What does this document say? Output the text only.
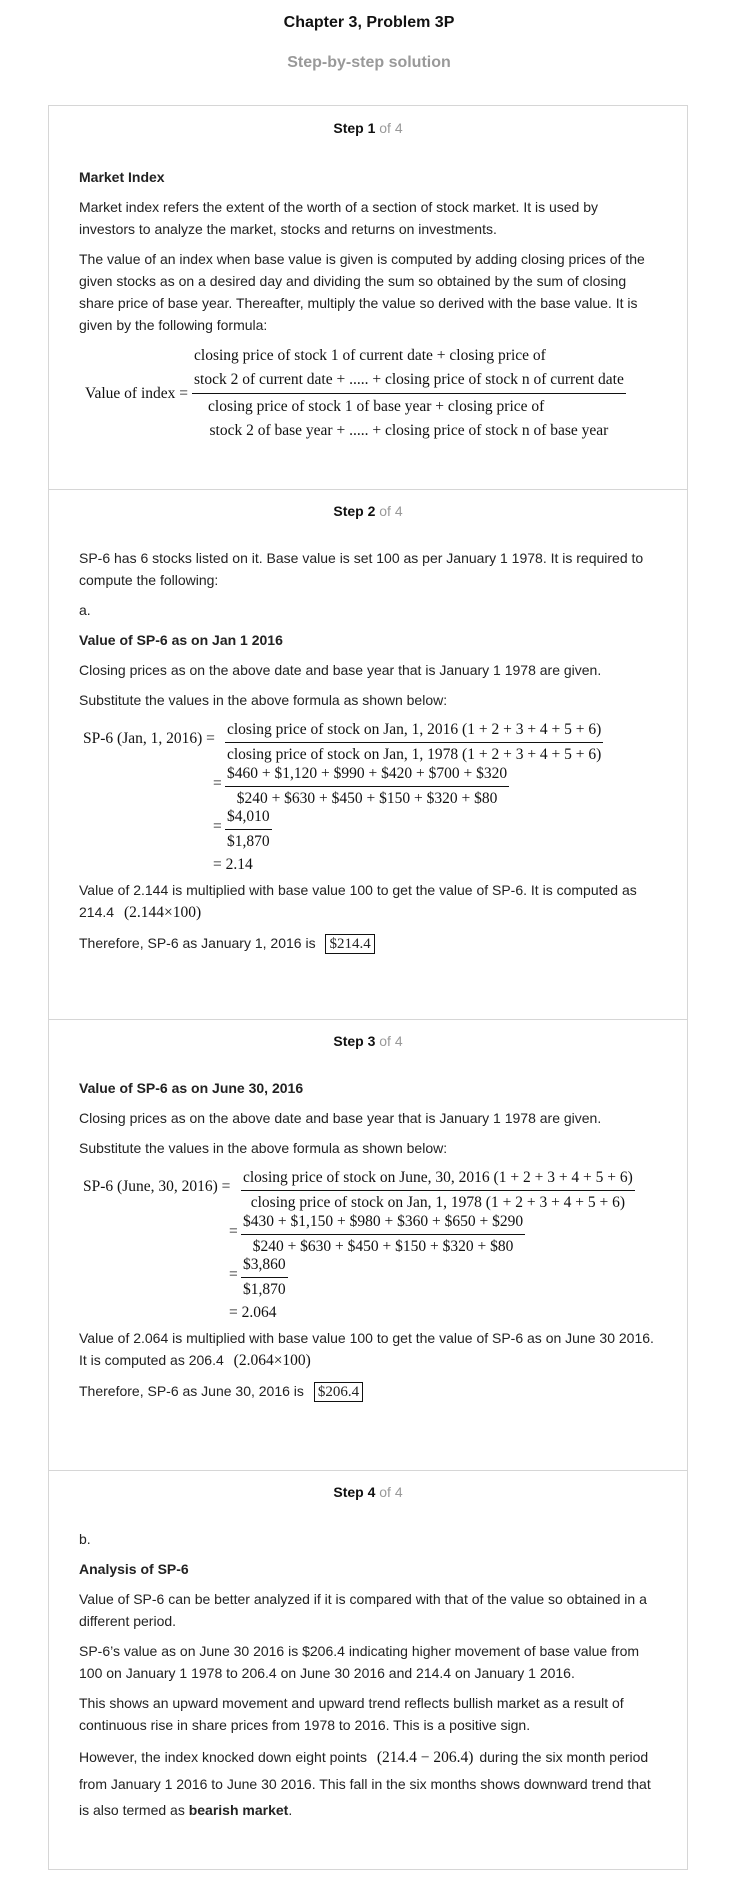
Chapter 3, Problem 3P
Step-by-step solution
Step 1 of 4

Market Index

Market index refers the extent of the worth of a section of stock market. It is used by investors to analyze the market, stocks and returns on investments.

The value of an index when base value is given is computed by adding closing prices of the given stocks as on a desired day and dividing the sum so obtained by the sum of closing share price of base year. Thereafter, multiply the value so derived with the base value. It is given by the following formula:

Value of index =
closing price of stock 1 of current date + closing price of
stock 2 of current date + ..... + closing price of stock n of current date
closing price of stock 1 of base year + closing price of
stock 2 of base year + ..... + closing price of stock n of base year
Step 2 of 4

SP-6 has 6 stocks listed on it. Base value is set 100 as per January 1 1978. It is required to compute the following:

a.

Value of SP-6 as on Jan 1 2016

Closing prices as on the above date and base year that is January 1 1978 are given.

Substitute the values in the above formula as shown below:

SP-6 (Jan, 1, 2016) =
closing price of stock on Jan, 1, 2016 (1 + 2 + 3 + 4 + 5 + 6)
closing price of stock on Jan, 1, 1978 (1 + 2 + 3 + 4 + 5 + 6)
= $\frac{\$460 + \$1,120 + \$990 + \$420 + \$700 + \$320}{\$240 + \$630 + \$450 + \$150 + \$320 + \$80}$
= $\frac{\$4,010}{\$1,870}$
= 2.14

Value of 2.144 is multiplied with base value 100 to get the value of SP-6. It is computed as
214.4 (2.144×100)

Therefore, SP-6 as January 1, 2016 is $214.4

Step 3 of 4

Value of SP-6 as on June 30, 2016

Closing prices as on the above date and base year that is January 1 1978 are given.

Substitute the values in the above formula as shown below:

SP-6 (June, 30, 2016) =
closing price of stock on June, 30, 2016 (1 + 2 + 3 + 4 + 5 + 6)
closing price of stock on Jan, 1, 1978 (1 + 2 + 3 + 4 + 5 + 6)
= $\frac{\$430 + \$1,150 + \$980 + \$360 + \$650 + \$290}{\$240 + \$630 + \$450 + \$150 + \$320 + \$80}$
= $\frac{\$3,860}{\$1,870}$
= 2.064

Value of 2.064 is multiplied with base value 100 to get the value of SP-6 as on June 30 2016. It is computed as 206.4 (2.064×100)

Therefore, SP-6 as June 30, 2016 is $206.4

Step 4 of 4

b.

Analysis of SP-6

Value of SP-6 can be better analyzed if it is compared with that of the value so obtained in a different period.

SP-6’s value as on June 30 2016 is $206.4 indicating higher movement of base value from 100 on January 1 1978 to 206.4 on June 30 2016 and 214.4 on January 1 2016.

This shows an upward movement and upward trend reflects bullish market as a result of continuous rise in share prices from 1978 to 2016. This is a positive sign.

However, the index knocked down eight points (214.4 − 206.4) during the six month period from January 1 2016 to June 30 2016. This fall in the six months shows downward trend that is also termed as bearish market.
